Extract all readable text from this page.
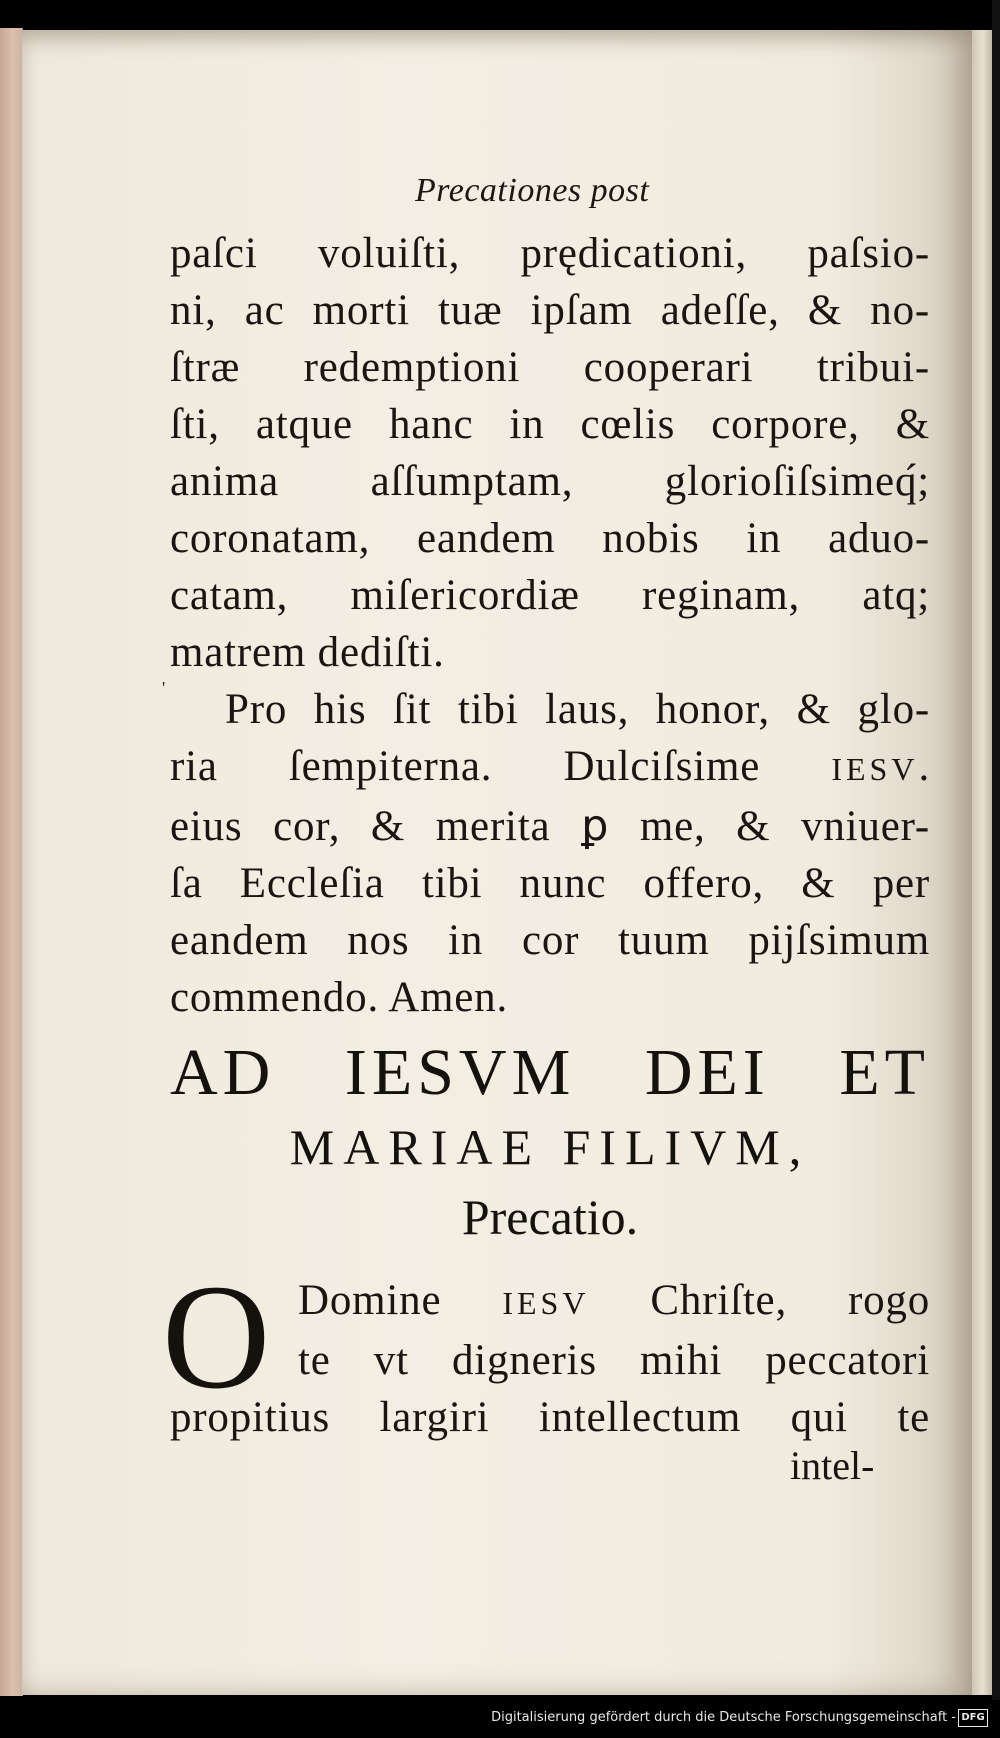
Precationes post
paſci voluiſti, prędicationi, paſsio-
ni, ac morti tuæ ipſam adeſſe, & no-
ſtræ redemptioni cooperari tribui-
ſti, atque hanc in cœlis corpore, &
anima aſſumptam, glorioſiſsimeq́;
coronatam, eandem nobis in aduo-
catam, miſericordiæ reginam, atq;
matrem dediſti.
Pro his ſit tibi laus, honor, & glo-
ria ſempiterna. Dulciſsime IESV.
eius cor, & merita ꝑ me, & vniuer-
ſa Eccleſia tibi nunc offero, & per
eandem nos in cor tuum pijſsimum
commendo. Amen.
'
AD IESVM DEI ET
MARIAE FILIVM,
Precatio.
O Domine IESV Chriſte, rogo
te vt digneris mihi peccatori
propitius largiri intellectum qui te
intel-
Digitalisierung gefördert durch die Deutsche Forschungsgemeinschaft - DFG
